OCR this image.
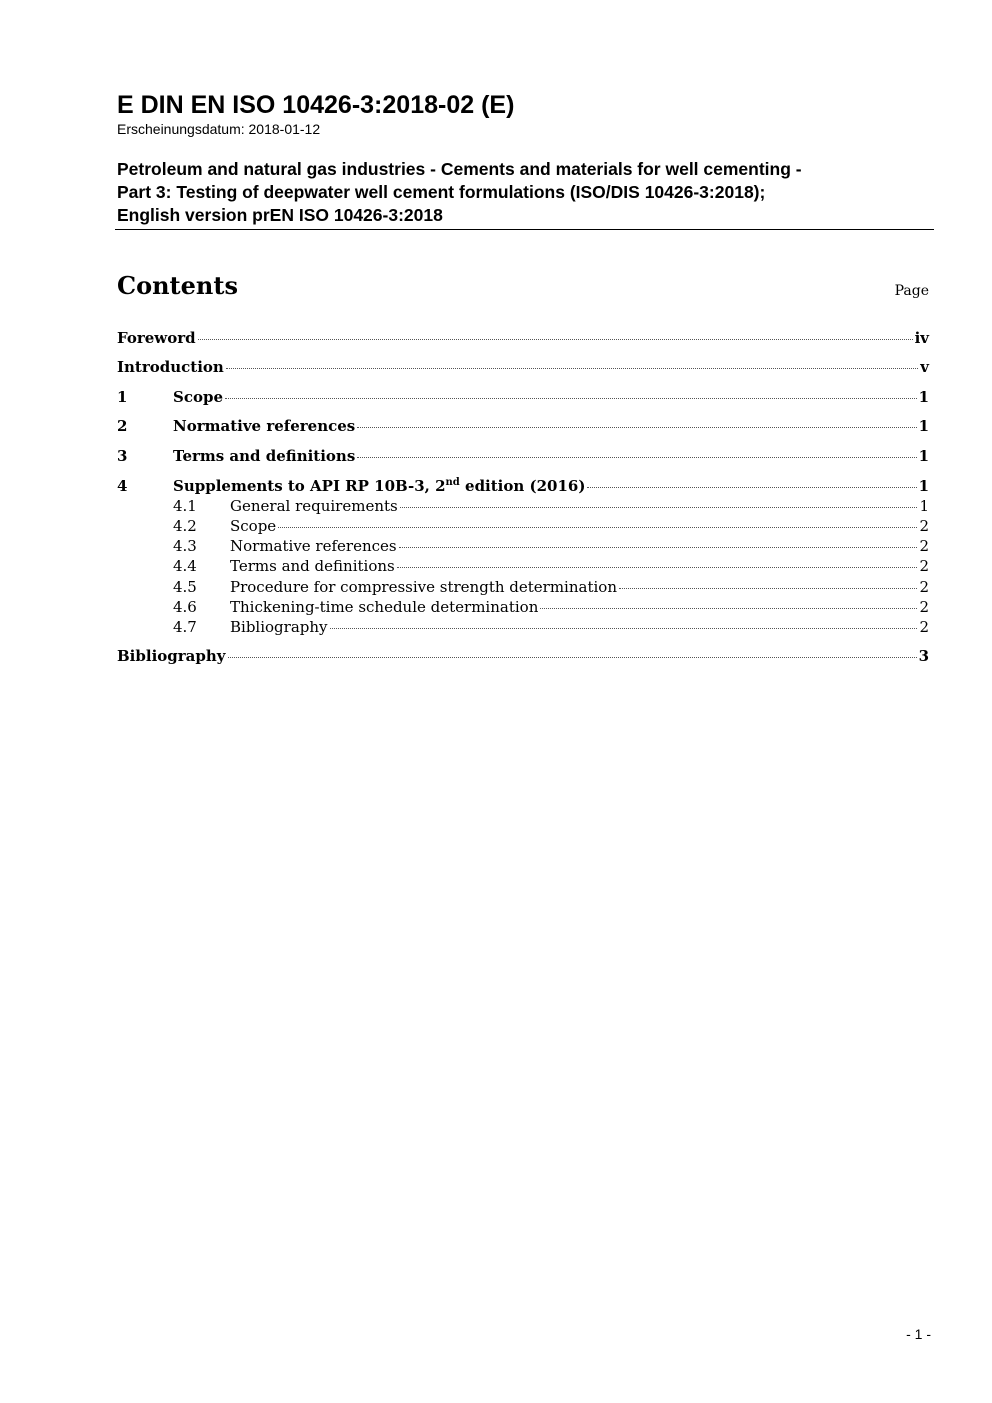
E DIN EN ISO 10426-3:2018-02 (E)
Erscheinungsdatum: 2018-01-12
Petroleum and natural gas industries - Cements and materials for well cementing -
Part 3: Testing of deepwater well cement formulations (ISO/DIS 10426-3:2018);
English version prEN ISO 10426-3:2018
Contents	Page
Foreword	iv
Introduction	v
1	Scope	1
2	Normative references	1
3	Terms and definitions	1
4	Supplements to API RP 10B-3, 2nd edition (2016)	1
4.1	General requirements	1
4.2	Scope	2
4.3	Normative references	2
4.4	Terms and definitions	2
4.5	Procedure for compressive strength determination	2
4.6	Thickening-time schedule determination	2
4.7	Bibliography	2
Bibliography	3
- 1 -
